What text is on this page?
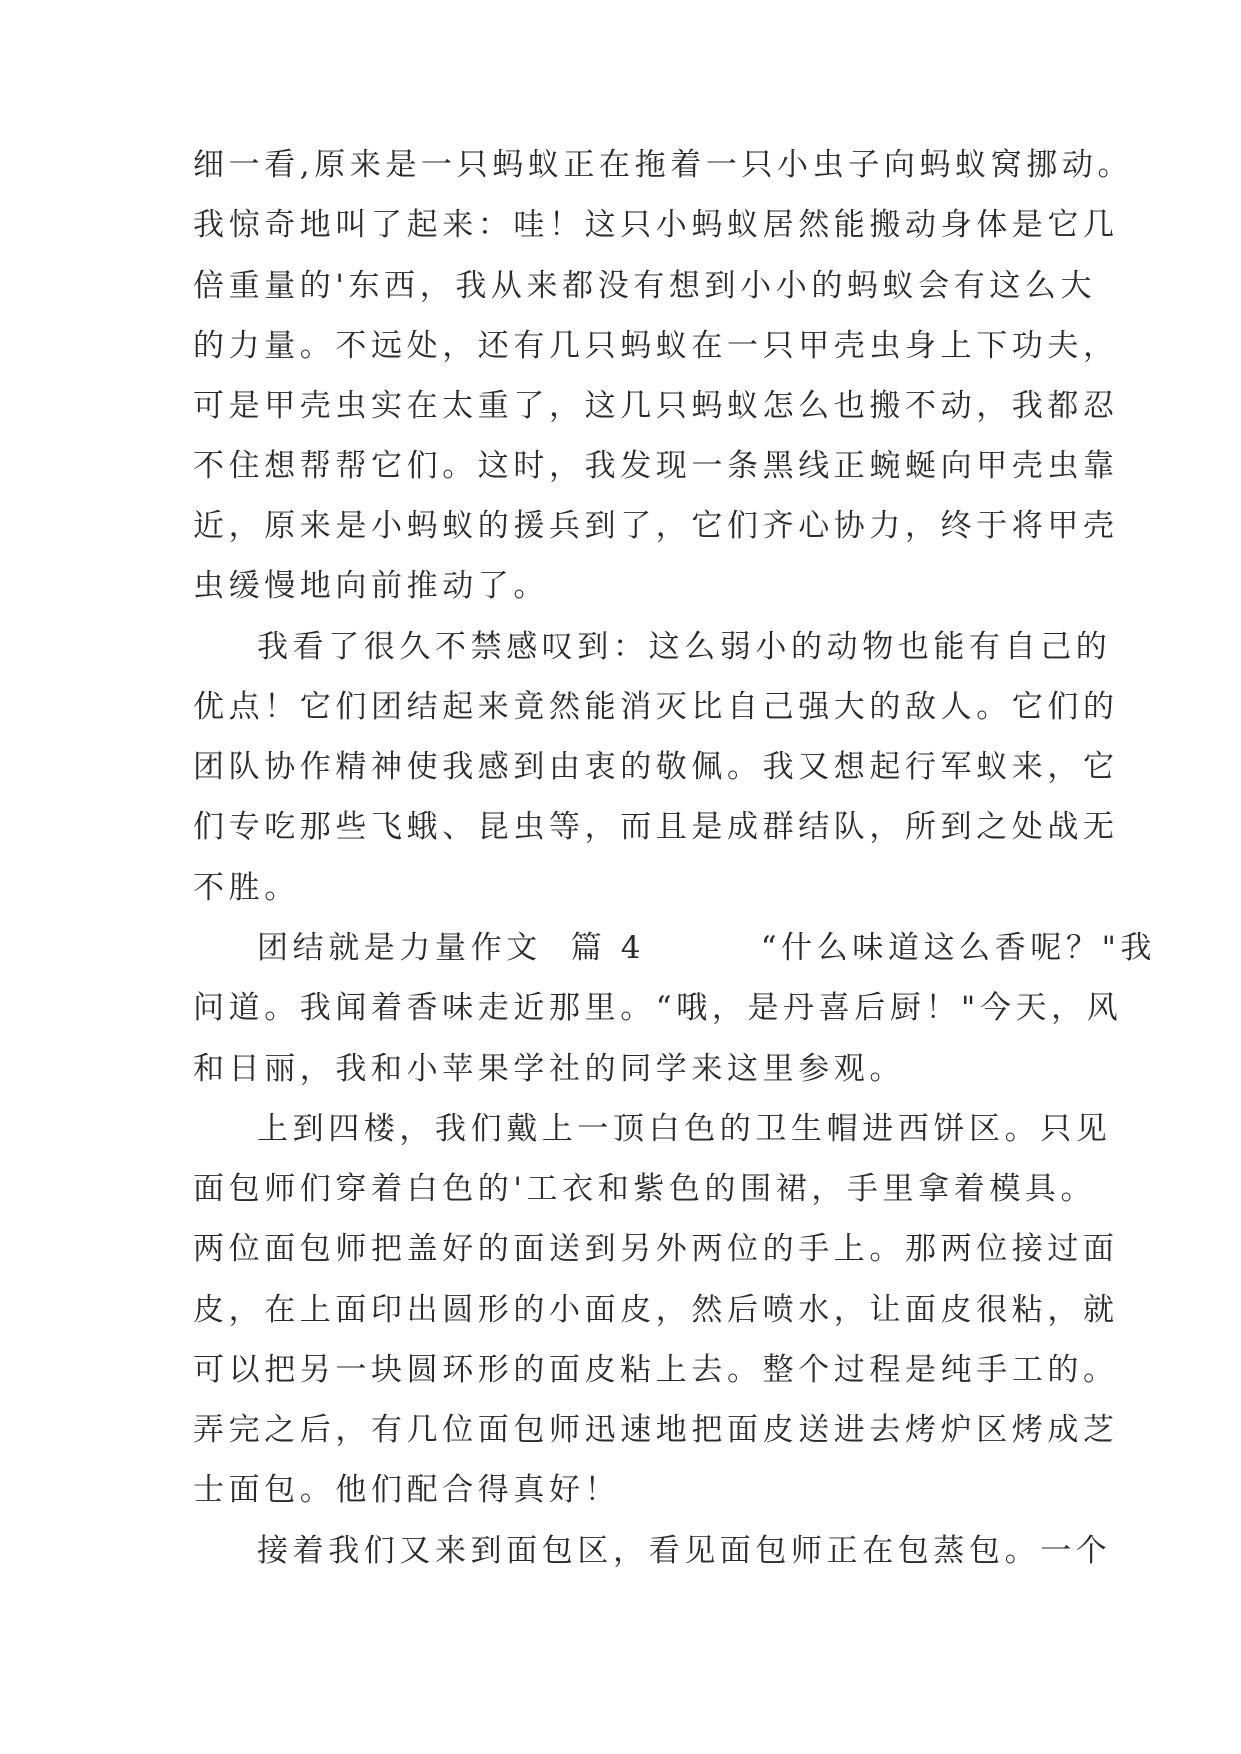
细一看,原来是一只蚂蚁正在拖着一只小虫子向蚂蚁窝挪动。
我惊奇地叫了起来：哇！这只小蚂蚁居然能搬动身体是它几
倍重量的'东西，我从来都没有想到小小的蚂蚁会有这么大
的力量。不远处，还有几只蚂蚁在一只甲壳虫身上下功夫，
可是甲壳虫实在太重了，这几只蚂蚁怎么也搬不动，我都忍
不住想帮帮它们。这时，我发现一条黑线正蜿蜒向甲壳虫靠
近，原来是小蚂蚁的援兵到了，它们齐心协力，终于将甲壳
虫缓慢地向前推动了。
我看了很久不禁感叹到：这么弱小的动物也能有自己的
优点！它们团结起来竟然能消灭比自己强大的敌人。它们的
团队协作精神使我感到由衷的敬佩。我又想起行军蚁来，它
们专吃那些飞蛾、昆虫等，而且是成群结队，所到之处战无
不胜。
团结就是力量作文  篇 4        “什么味道这么香呢？"我
问道。我闻着香味走近那里。“哦，是丹喜后厨！"今天，风
和日丽，我和小苹果学社的同学来这里参观。
上到四楼，我们戴上一顶白色的卫生帽进西饼区。只见
面包师们穿着白色的'工衣和紫色的围裙，手里拿着模具。
两位面包师把盖好的面送到另外两位的手上。那两位接过面
皮，在上面印出圆形的小面皮，然后喷水，让面皮很粘，就
可以把另一块圆环形的面皮粘上去。整个过程是纯手工的。
弄完之后，有几位面包师迅速地把面皮送进去烤炉区烤成芝
士面包。他们配合得真好！
接着我们又来到面包区，看见面包师正在包蒸包。一个
